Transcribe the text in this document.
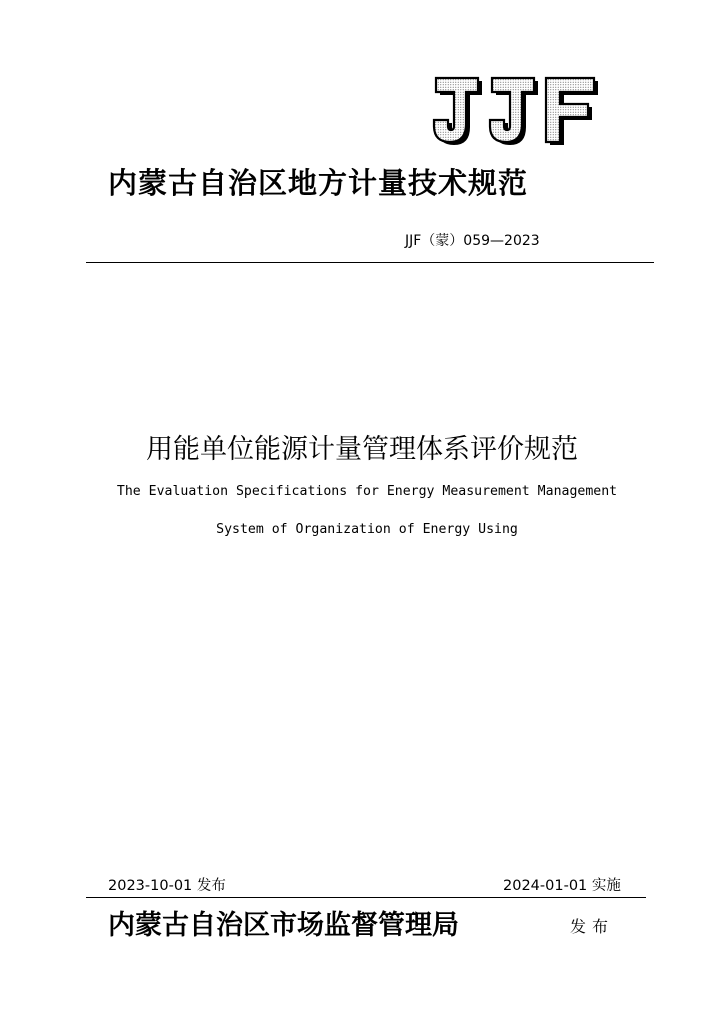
内蒙古自治区地方计量技术规范
JJF（蒙）059—2023
用能单位能源计量管理体系评价规范
The Evaluation Specifications for Energy Measurement Management
System of Organization of Energy Using
2023-10-01 发布	2024-01-01 实施
内蒙古自治区市场监督管理局	发布
